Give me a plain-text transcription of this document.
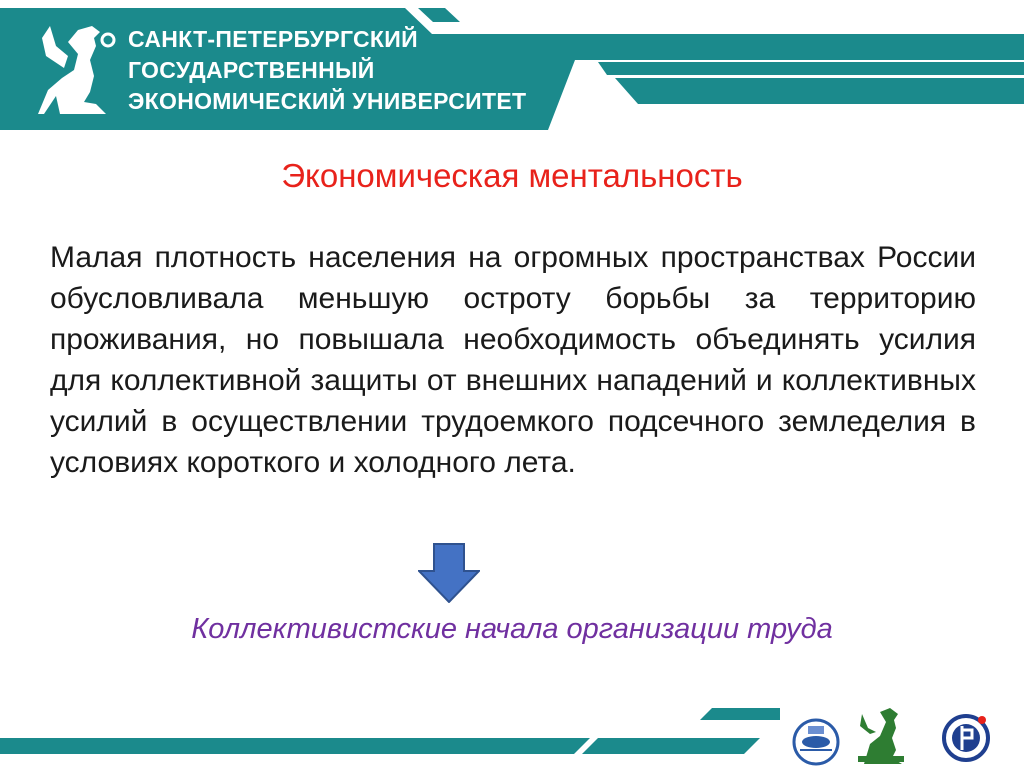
САНКТ-ПЕТЕРБУРГСКИЙ
ГОСУДАРСТВЕННЫЙ
ЭКОНОМИЧЕСКИЙ УНИВЕРСИТЕТ
Экономическая ментальность
Малая плотность населения на огромных пространствах России обусловливала меньшую остроту борьбы за территорию проживания, но повышала необходимость объединять усилия для коллективной защиты от внешних нападений и коллективных усилий в осуществлении трудоемкого подсечного земледелия в условиях короткого и холодного лета.
Коллективистские начала организации труда
